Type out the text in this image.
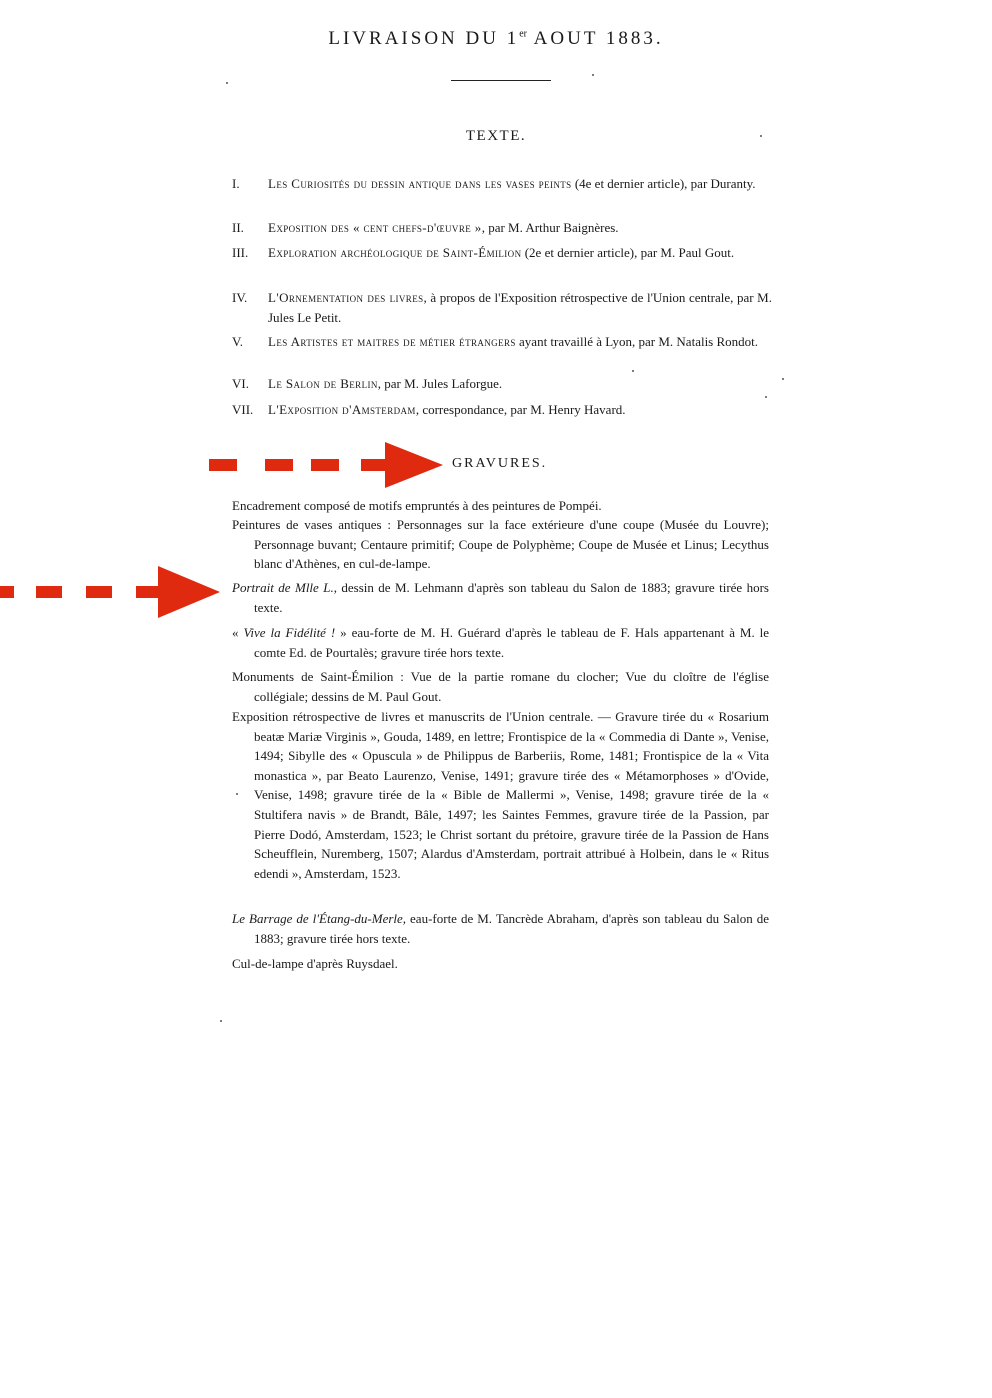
LIVRAISON DU 1er AOUT 1883.
TEXTE.
I.	Les Curiosités du dessin antique dans les vases peints (4e et dernier article), par Duranty.
II.	Exposition des « cent chefs-d'œuvre », par M. Arthur Baignères.
III.	Exploration archéologique de Saint-Émilion (2e et dernier article), par M. Paul Gout.
IV.	L'Ornementation des livres, à propos de l'Exposition rétrospective de l'Union centrale, par M. Jules Le Petit.
V.	Les Artistes et maitres de métier étrangers ayant travaillé à Lyon, par M. Natalis Rondot.
VI.	Le Salon de Berlin, par M. Jules Laforgue.
VII.	L'Exposition d'Amsterdam, correspondance, par M. Henry Havard.
GRAVURES.

Encadrement composé de motifs empruntés à des peintures de Pompéi.

Peintures de vases antiques : Personnages sur la face extérieure d'une coupe (Musée du Louvre); Personnage buvant; Centaure primitif; Coupe de Polyphème; Coupe de Musée et Linus; Lecythus blanc d'Athènes, en cul-de-lampe.

Portrait de Mlle L., dessin de M. Lehmann d'après son tableau du Salon de 1883; gravure tirée hors texte.

« Vive la Fidélité ! » eau-forte de M. H. Guérard d'après le tableau de F. Hals appartenant à M. le comte Ed. de Pourtalès; gravure tirée hors texte.

Monuments de Saint-Émilion : Vue de la partie romane du clocher; Vue du cloître de l'église collégiale; dessins de M. Paul Gout.

Exposition rétrospective de livres et manuscrits de l'Union centrale. — Gravure tirée du « Rosarium beatæ Mariæ Virginis », Gouda, 1489, en lettre; Frontispice de la « Commedia di Dante », Venise, 1494; Sibylle des « Opuscula » de Philippus de Barberiis, Rome, 1481; Frontispice de la « Vita monastica », par Beato Laurenzo, Venise, 1491; gravure tirée des « Métamorphoses » d'Ovide, Venise, 1498; gravure tirée de la « Bible de Mallermi », Venise, 1498; gravure tirée de la « Stultifera navis » de Brandt, Bâle, 1497; les Saintes Femmes, gravure tirée de la Passion, par Pierre Dodó, Amsterdam, 1523; le Christ sortant du prétoire, gravure tirée de la Passion de Hans Scheufflein, Nuremberg, 1507; Alardus d'Amsterdam, portrait attribué à Holbein, dans le « Ritus edendi », Amsterdam, 1523.

Le Barrage de l'Étang-du-Merle, eau-forte de M. Tancrède Abraham, d'après son tableau du Salon de 1883; gravure tirée hors texte.

Cul-de-lampe d'après Ruysdael.
